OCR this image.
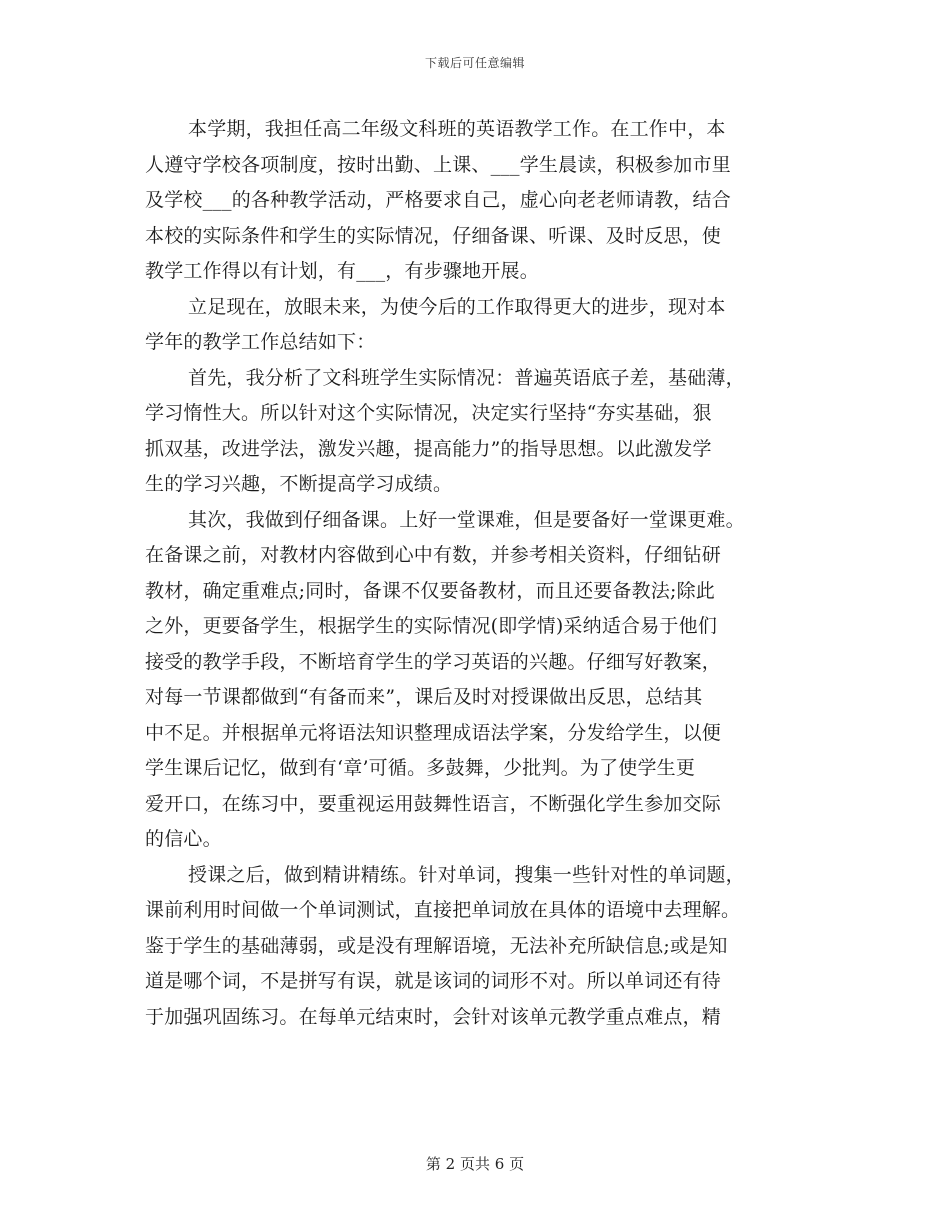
下载后可任意编辑
本学期，我担任高二年级文科班的英语教学工作。在工作中，本
人遵守学校各项制度，按时出勤、上课、___学生晨读，积极参加市里
及学校___的各种教学活动，严格要求自己，虚心向老老师请教，结合
本校的实际条件和学生的实际情况，仔细备课、听课、及时反思，使
教学工作得以有计划，有___，有步骤地开展。
立足现在，放眼未来，为使今后的工作取得更大的进步，现对本
学年的教学工作总结如下：
首先，我分析了文科班学生实际情况：普遍英语底子差，基础薄，
学习惰性大。所以针对这个实际情况，决定实行坚持“夯实基础，狠
抓双基，改进学法，激发兴趣，提高能力”的指导思想。以此激发学
生的学习兴趣，不断提高学习成绩。
其次，我做到仔细备课。上好一堂课难，但是要备好一堂课更难。
在备课之前，对教材内容做到心中有数，并参考相关资料，仔细钻研
教材，确定重难点;同时，备课不仅要备教材，而且还要备教法;除此
之外，更要备学生，根据学生的实际情况(即学情)采纳适合易于他们
接受的教学手段，不断培育学生的学习英语的兴趣。仔细写好教案，
对每一节课都做到“有备而来”，课后及时对授课做出反思，总结其
中不足。并根据单元将语法知识整理成语法学案，分发给学生，以便
学生课后记忆，做到有‘章’可循。多鼓舞，少批判。为了使学生更
爱开口，在练习中，要重视运用鼓舞性语言，不断强化学生参加交际
的信心。
授课之后，做到精讲精练。针对单词，搜集一些针对性的单词题，
课前利用时间做一个单词测试，直接把单词放在具体的语境中去理解。
鉴于学生的基础薄弱，或是没有理解语境，无法补充所缺信息;或是知
道是哪个词，不是拼写有误，就是该词的词形不对。所以单词还有待
于加强巩固练习。在每单元结束时，会针对该单元教学重点难点，精
第 2 页共 6 页
